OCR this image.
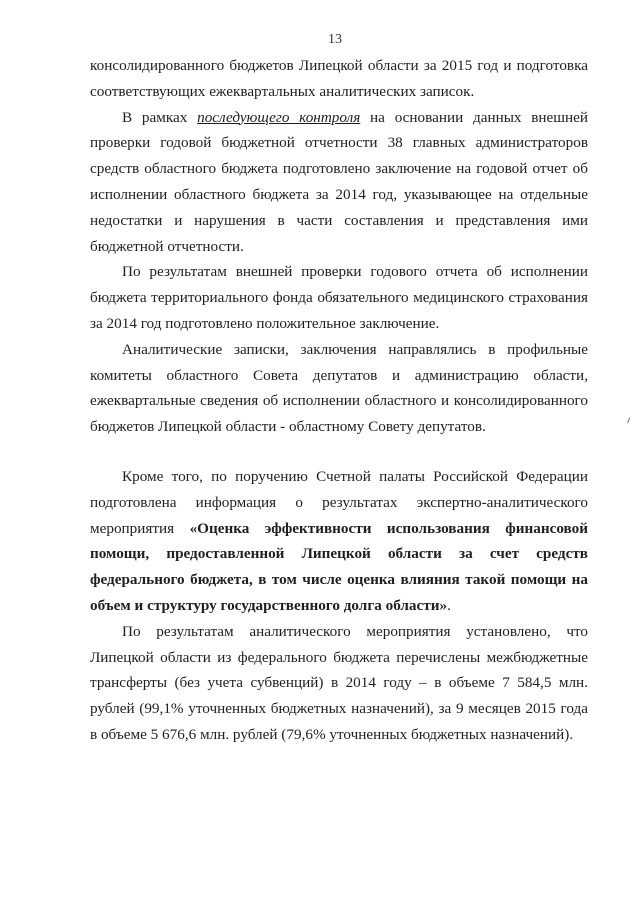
13

консолидированного бюджетов Липецкой области за 2015 год и подготовка соответствующих ежеквартальных аналитических записок.

В рамках последующего контроля на основании данных внешней проверки годовой бюджетной отчетности 38 главных администраторов средств областного бюджета подготовлено заключение на годовой отчет об исполнении областного бюджета за 2014 год, указывающее на отдельные недостатки и нарушения в части составления и представления ими бюджетной отчетности.

По результатам внешней проверки годового отчета об исполнении бюджета территориального фонда обязательного медицинского страхования за 2014 год подготовлено положительное заключение.

Аналитические записки, заключения направлялись в профильные комитеты областного Совета депутатов и администрацию области, ежеквартальные сведения об исполнении областного и консолидированного бюджетов Липецкой области - областному Совету депутатов.

Кроме того, по поручению Счетной палаты Российской Федерации подготовлена информация о результатах экспертно-аналитического мероприятия «Оценка эффективности использования финансовой помощи, предоставленной Липецкой области за счет средств федерального бюджета, в том числе оценка влияния такой помощи на объем и структуру государственного долга области».

По результатам аналитического мероприятия установлено, что Липецкой области из федерального бюджета перечислены межбюджетные трансферты (без учета субвенций) в 2014 году – в объеме 7 584,5 млн. рублей (99,1% уточненных бюджетных назначений), за 9 месяцев 2015 года в объеме 5 676,6 млн. рублей (79,6% уточненных бюджетных назначений).
